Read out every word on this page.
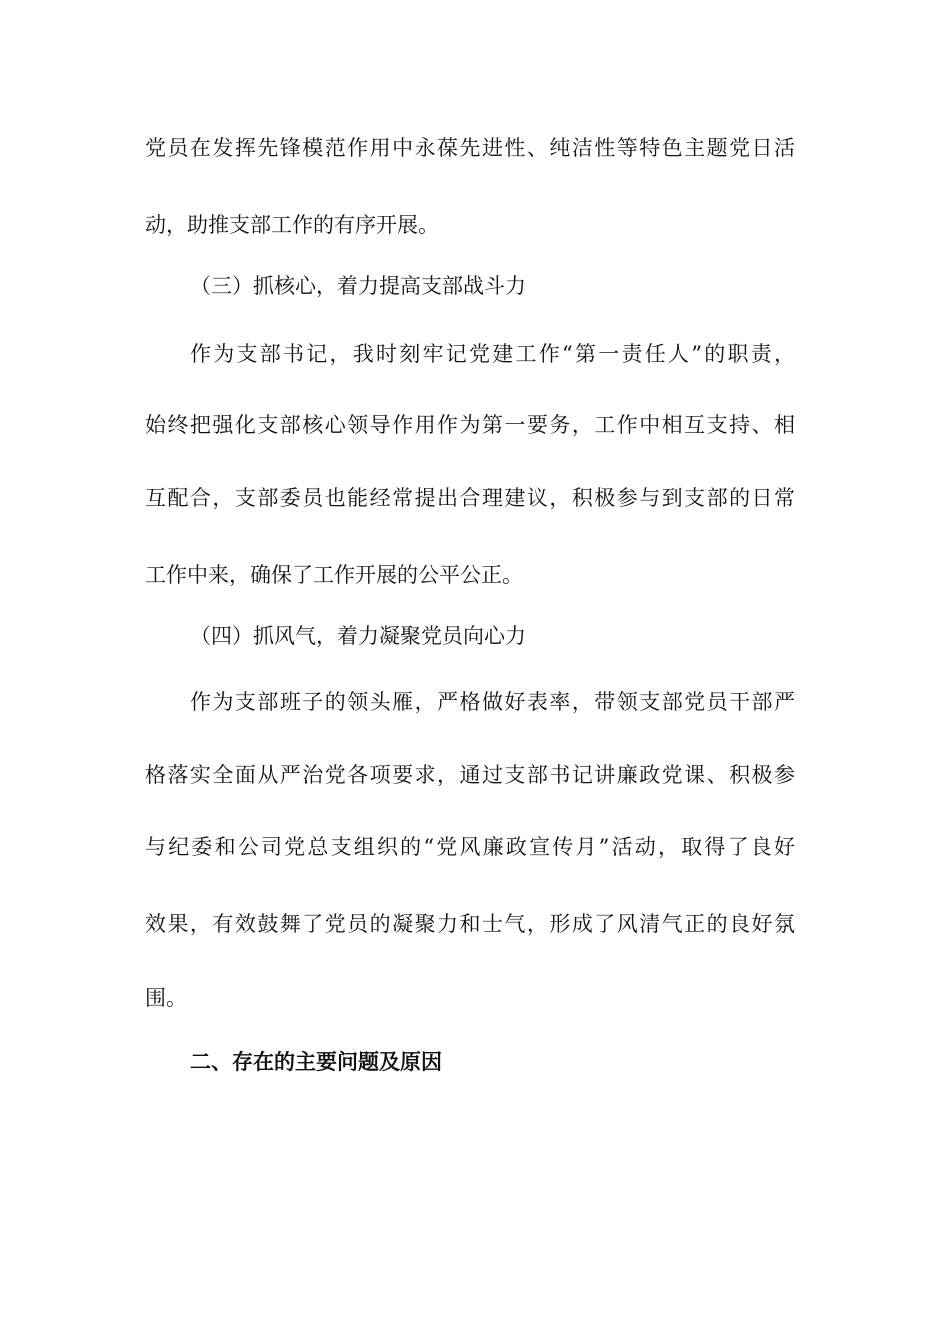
党员在发挥先锋模范作用中永葆先进性、纯洁性等特色主题党日活
动，助推支部工作的有序开展。
（三）抓核心，着力提高支部战斗力
作为支部书记，我时刻牢记党建工作“第一责任人”的职责，
始终把强化支部核心领导作用作为第一要务，工作中相互支持、相
互配合，支部委员也能经常提出合理建议，积极参与到支部的日常
工作中来，确保了工作开展的公平公正。
（四）抓风气，着力凝聚党员向心力
作为支部班子的领头雁，严格做好表率，带领支部党员干部严
格落实全面从严治党各项要求，通过支部书记讲廉政党课、积极参
与纪委和公司党总支组织的“党风廉政宣传月”活动，取得了良好
效果，有效鼓舞了党员的凝聚力和士气，形成了风清气正的良好氛
围。
二、存在的主要问题及原因
